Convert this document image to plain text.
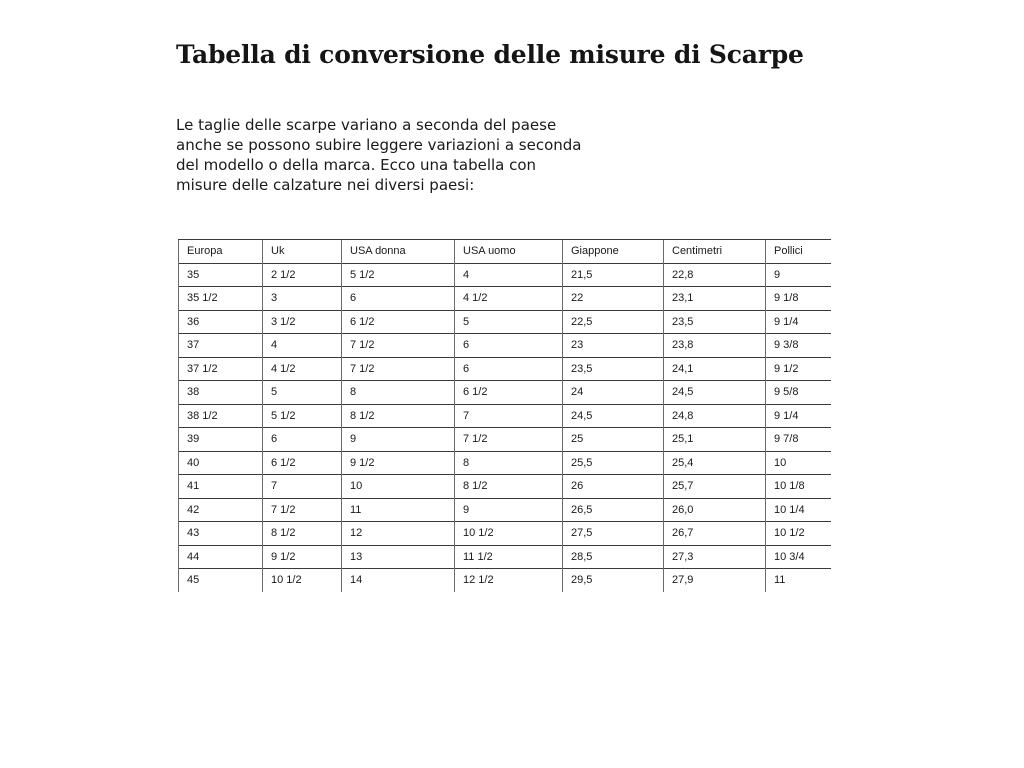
Tabella di conversione delle misure di Scarpe

Le taglie delle scarpe variano a seconda del paese
anche se possono subire leggere variazioni a seconda
del modello o della marca. Ecco una tabella con
misure delle calzature nei diversi paesi:

Europa	Uk	USA donna	USA uomo	Giappone	Centimetri	Pollici
35	2 1/2	5 1/2	4	21,5	22,8	9
35 1/2	3	6	4 1/2	22	23,1	9 1/8
36	3 1/2	6 1/2	5	22,5	23,5	9 1/4
37	4	7 1/2	6	23	23,8	9 3/8
37 1/2	4 1/2	7 1/2	6	23,5	24,1	9 1/2
38	5	8	6 1/2	24	24,5	9 5/8
38 1/2	5 1/2	8 1/2	7	24,5	24,8	9 1/4
39	6	9	7 1/2	25	25,1	9 7/8
40	6 1/2	9 1/2	8	25,5	25,4	10
41	7	10	8 1/2	26	25,7	10 1/8
42	7 1/2	11	9	26,5	26,0	10 1/4
43	8 1/2	12	10 1/2	27,5	26,7	10 1/2
44	9 1/2	13	11 1/2	28,5	27,3	10 3/4
45	10 1/2	14	12 1/2	29,5	27,9	11
